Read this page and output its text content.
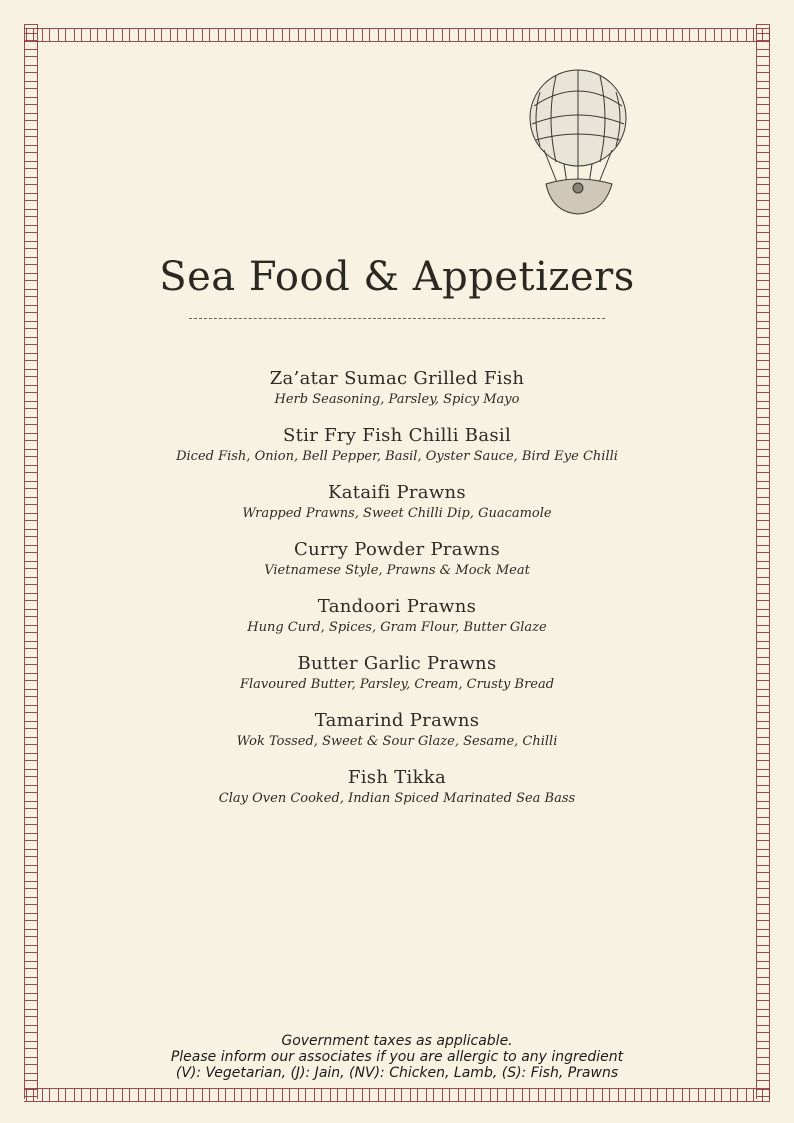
Sea Food & Appetizers
Za’atar Sumac Grilled Fish
Herb Seasoning, Parsley, Spicy Mayo
Stir Fry Fish Chilli Basil
Diced Fish, Onion, Bell Pepper, Basil, Oyster Sauce, Bird Eye Chilli
Kataifi Prawns
Wrapped Prawns, Sweet Chilli Dip, Guacamole
Curry Powder Prawns
Vietnamese Style, Prawns & Mock Meat
Tandoori Prawns
Hung Curd, Spices, Gram Flour, Butter Glaze
Butter Garlic Prawns
Flavoured Butter, Parsley, Cream, Crusty Bread
Tamarind Prawns
Wok Tossed, Sweet & Sour Glaze, Sesame, Chilli
Fish Tikka
Clay Oven Cooked, Indian Spiced Marinated Sea Bass
Government taxes as applicable.
Please inform our associates if you are allergic to any ingredient
(V): Vegetarian, (J): Jain, (NV): Chicken, Lamb, (S): Fish, Prawns
